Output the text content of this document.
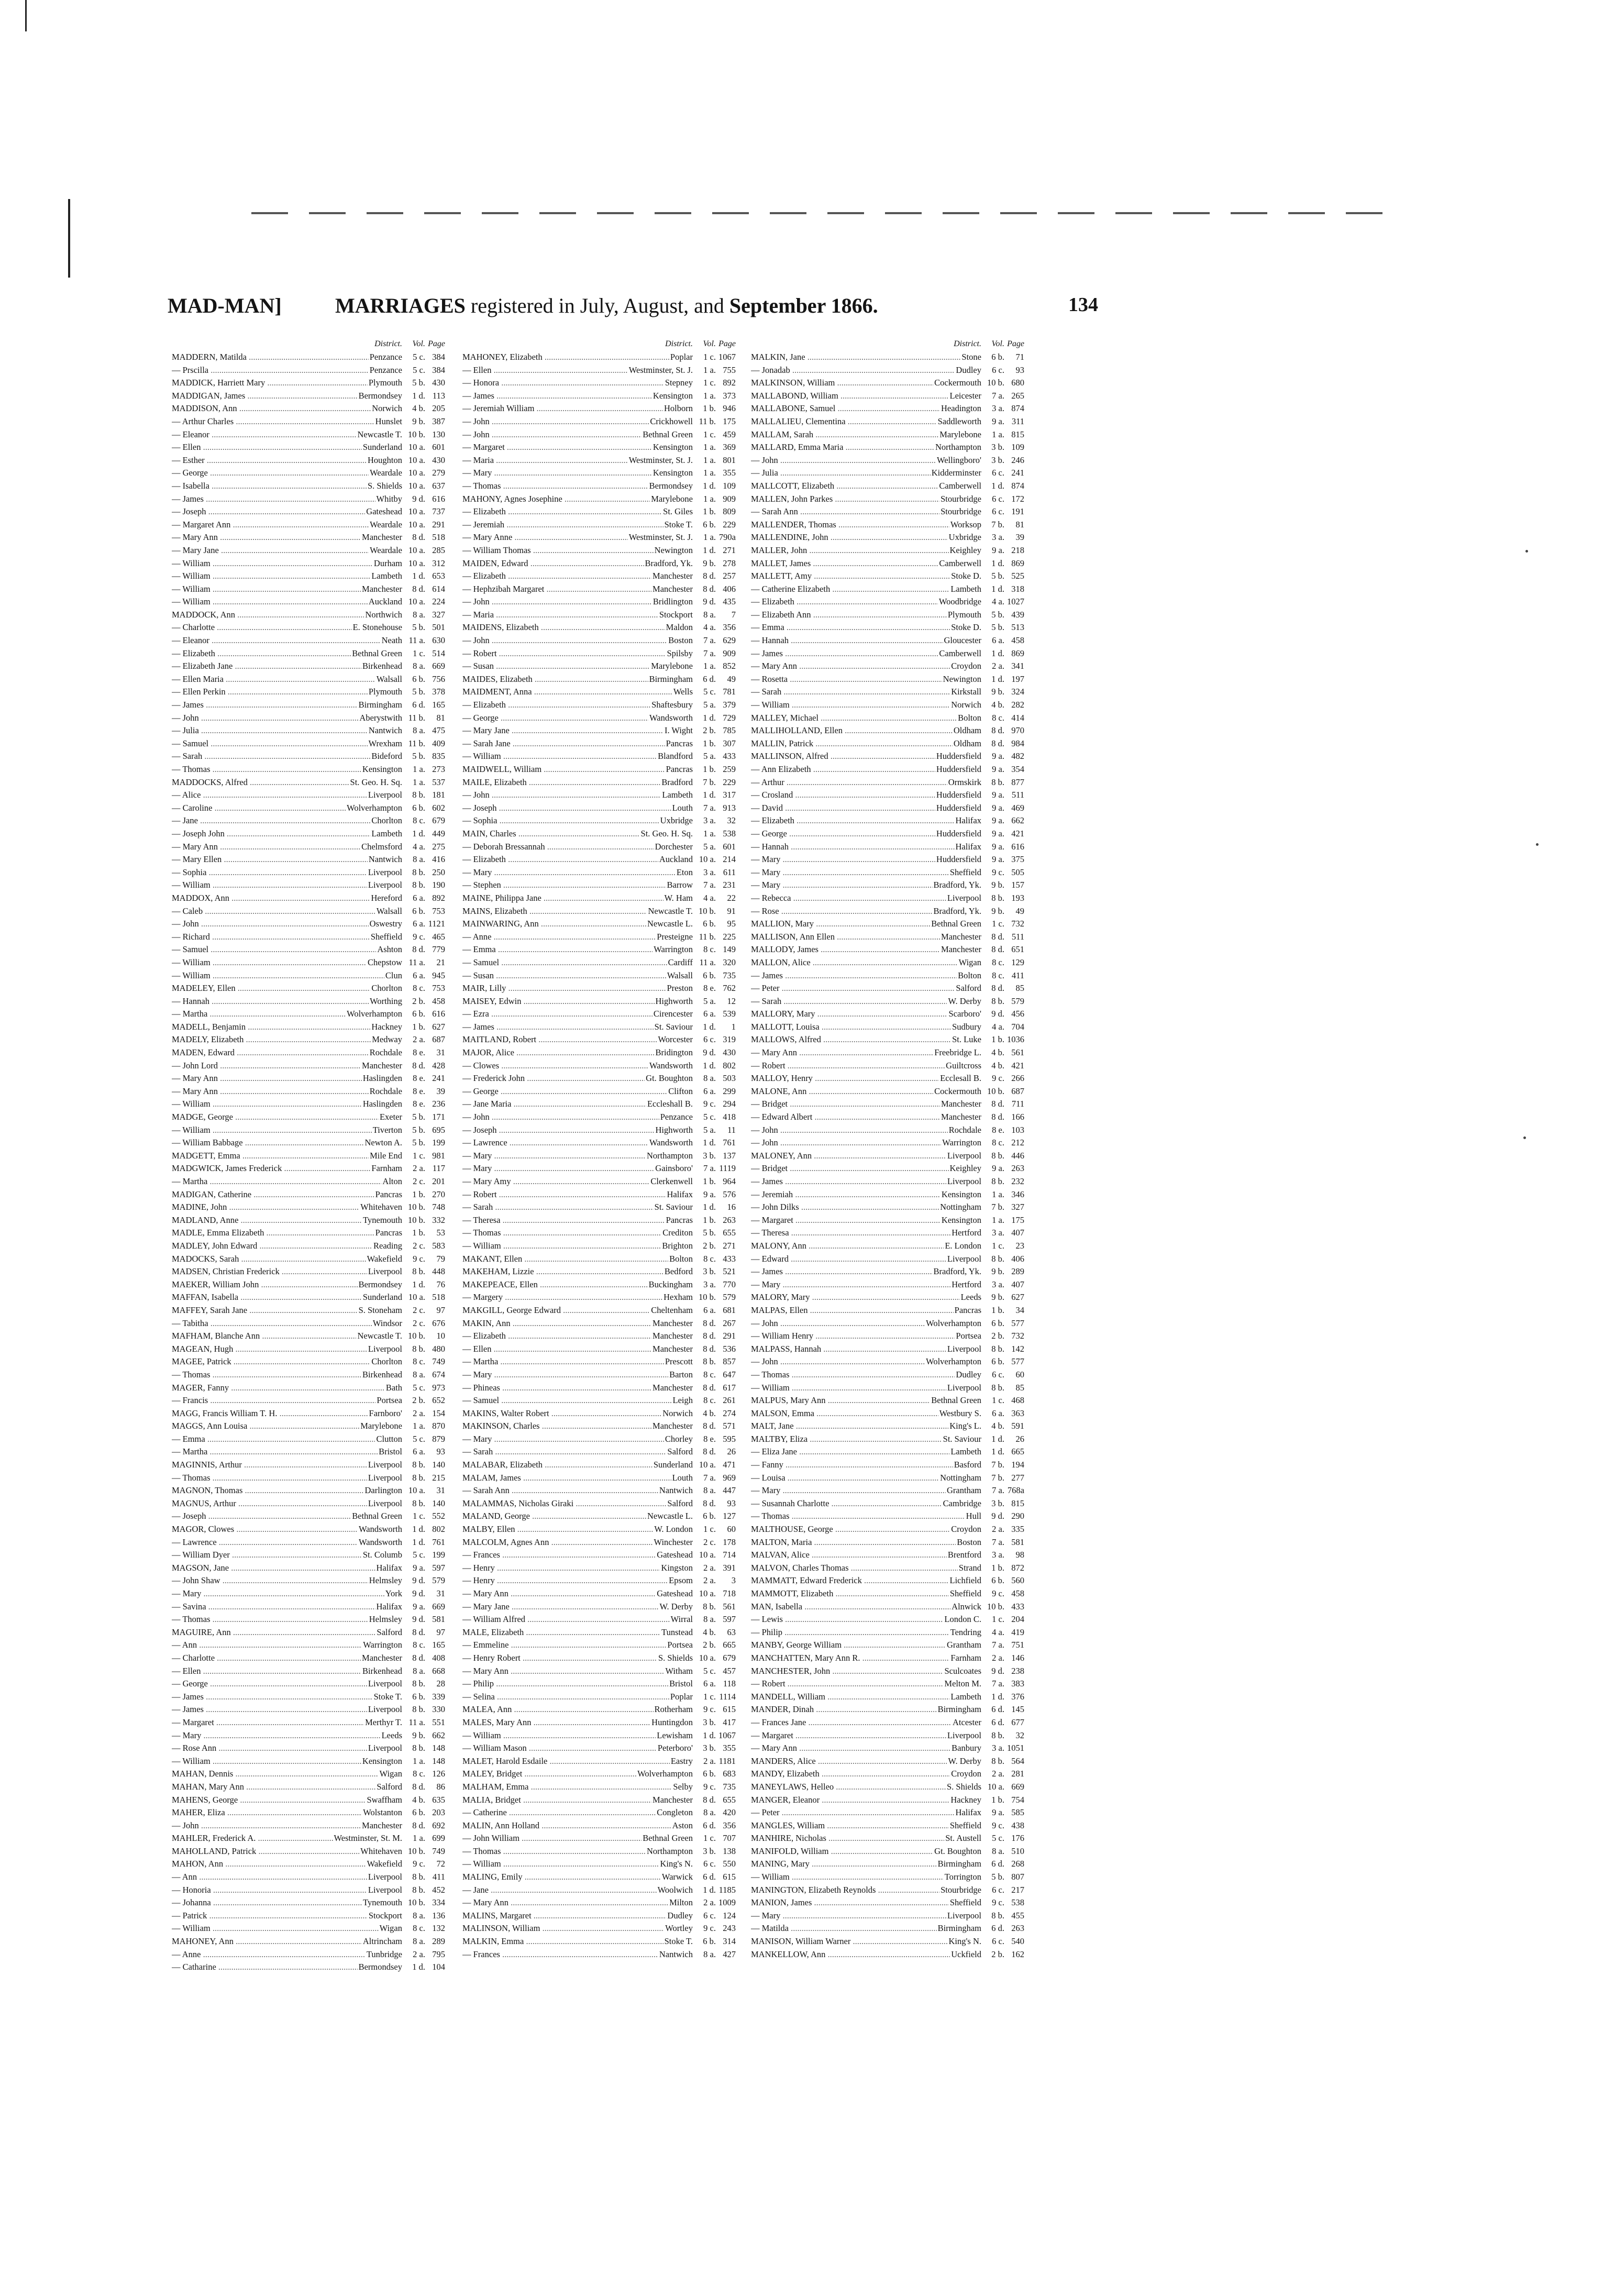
MAD-MAN]	MARRIAGES registered in July, August, and September 1866.	134
District.	Vol. Page
MADDERN, Matilda .....	Penzance	5 c. 384
— Prscilla .....	Penzance	5 c. 384
MADDICK, Harriett Mary .....	Plymouth	5 b. 430
MADDIGAN, James .....	Bermondsey	1 d. 113
MADDISON, Ann .....	Norwich	4 b. 205
— Arthur Charles .....	Hunslet	9 b. 387
— Eleanor .....	Newcastle T. 10 b. 130
— Ellen .....	Sunderland 10 a. 601
— Esther .....	Houghton 10 a. 430
— George .....	Weardale 10 a. 279
— Isabella .....	S. Shields 10 a. 637
— James .....	Whitby	9 d. 616
— Joseph .....	Gateshead 10 a. 737
— Margaret Ann .....	Weardale 10 a. 291
— Mary Ann .....	Manchester	8 d. 518
— Mary Jane .....	Weardale 10 a. 285
— William .....	Durham 10 a. 312
— William .....	Lambeth	1 d. 653
— William .....	Manchester	8 d. 614
— William .....	Auckland 10 a. 224
MADDOCK, Ann .....	Northwich	8 a. 327
— Charlotte .....	E. Stonehouse	5 b. 501
— Eleanor .....	Neath 11 a. 630
— Elizabeth .....	Bethnal Green	1 c. 514
— Elizabeth Jane .....	Birkenhead	8 a. 669
— Ellen Maria .....	Walsall	6 b. 756
— Ellen Perkin .....	Plymouth	5 b. 378
— James .....	Birmingham	6 d. 165
— John .....	Aberystwith 11 b.	81
— Julia .....	Nantwich	8 a. 475
— Samuel .....	Wrexham 11 b. 409
— Sarah .....	Bideford	5 b. 835
— Thomas .....	Kensington	1 a. 273
MADDOCKS, Alfred .....	St. Geo. H. Sq.	1 a. 537
— Alice .....	Liverpool	8 b. 181
— Caroline .....	Wolverhampton	6 b. 602
— Jane .....	Chorlton	8 c. 679
— Joseph John .....	Lambeth	1 d. 449
— Mary Ann .....	Chelmsford	4 a. 275
— Mary Ellen .....	Nantwich	8 a. 416
— Sophia .....	Liverpool	8 b. 250
— William .....	Liverpool	8 b. 190
MADDOX, Ann .....	Hereford	6 a. 892
— Caleb .....	Walsall	6 b. 753
— John .....	Oswestry	6 a. 1121
— Richard .....	Sheffield	9 c. 465
— Samuel .....	Ashton	8 d. 779
— William .....	Chepstow 11 a.	21
— William .....	Clun	6 a. 945
MADELEY, Ellen .....	Chorlton	8 c. 753
— Hannah .....	Worthing	2 b. 458
— Martha .....	Wolverhampton	6 b. 616
MADELL, Benjamin .....	Hackney	1 b. 627
MADELY, Elizabeth .....	Medway	2 a. 687
MADEN, Edward .....	Rochdale	8 e.	31
— John Lord .....	Manchester	8 d. 428
— Mary Ann .....	Haslingden	8 e. 241
— Mary Ann .....	Rochdale	8 e.	39
— William .....	Haslingden	8 e. 236
MADGE, George .....	Exeter	5 b. 171
— William .....	Tiverton	5 b. 695
— William Babbage .....	Newton A.	5 b. 199
MADGETT, Emma .....	Mile End	1 c. 981
MADGWICK, James Frederick .....	Farnham	2 a. 117
— Martha .....	Alton	2 c. 201
MADIGAN, Catherine .....	Pancras	1 b. 270
MADINE, John .....	Whitehaven 10 b. 748
MADLAND, Anne .....	Tynemouth 10 b. 332
MADLE, Emma Elizabeth .....	Pancras	1 b.	53
MADLEY, John Edward .....	Reading	2 c. 583
MADOCKS, Sarah .....	Wakefield	9 c.	79
MADSEN, Christian Frederick .....	Liverpool	8 b. 448
MAEKER, William John .....	Bermondsey	1 d.	76
MAFFAN, Isabella .....	Sunderland 10 a. 518
MAFFEY, Sarah Jane .....	S. Stoneham	2 c.	97
— Tabitha .....	Windsor	2 c. 676
MAFHAM, Blanche Ann .....	Newcastle T. 10 b.	10
MAGEAN, Hugh .....	Liverpool	8 b. 480
MAGEE, Patrick .....	Chorlton	8 c. 749
— Thomas .....	Birkenhead	8 a. 674
MAGER, Fanny .....	Bath	5 c. 973
— Francis .....	Portsea	2 b. 652
MAGG, Francis William T. H. .....	Farnboro'	2 a. 154
MAGGS, Ann Louisa .....	Marylebone	1 a. 870
— Emma .....	Clutton	5 c. 879
— Martha .....	Bristol	6 a.	93
MAGINNIS, Arthur .....	Liverpool	8 b. 140
— Thomas .....	Liverpool	8 b. 215
MAGNON, Thomas .....	Darlington 10 a.	31
MAGNUS, Arthur .....	Liverpool	8 b. 140
— Joseph .....	Bethnal Green	1 c. 552
MAGOR, Clowes .....	Wandsworth	1 d. 802
— Lawrence .....	Wandsworth	1 d. 761
— William Dyer .....	St. Columb	5 c. 199
MAGSON, Jane .....	Halifax	9 a. 597
— John Shaw .....	Helmsley	9 d. 579
— Mary .....	York	9 d.	31
— Savina .....	Halifax	9 a. 669
— Thomas .....	Helmsley	9 d. 581
MAGUIRE, Ann .....	Salford	8 d.	97
— Ann .....	Warrington	8 c. 165
— Charlotte .....	Manchester	8 d. 408
— Ellen .....	Birkenhead	8 a. 668
— George .....	Liverpool	8 b.	28
— James .....	Stoke T.	6 b. 339
— James .....	Liverpool	8 b. 330
— Margaret .....	Merthyr T. 11 a. 551
— Mary .....	Leeds	9 b. 662
— Rose Ann .....	Liverpool	8 b. 148
— William .....	Kensington	1 a. 148
MAHAN, Dennis .....	Wigan	8 c. 126
MAHAN, Mary Ann .....	Salford	8 d.	86
MAHENS, George .....	Swaffham	4 b. 635
MAHER, Eliza .....	Wolstanton	6 b. 203
— John .....	Manchester	8 d. 692
MAHLER, Frederick A. .....	Westminster, St. M.	1 a. 699
MAHOLLAND, Patrick .....	Whitehaven 10 b. 749
MAHON, Ann .....	Wakefield	9 c.	72
— Ann .....	Liverpool	8 b. 411
— Honoria .....	Liverpool	8 b. 452
— Johanna .....	Tynemouth 10 b. 334
— Patrick .....	Stockport	8 a. 136
— William .....	Wigan	8 c. 132
MAHONEY, Ann .....	Altrincham	8 a. 289
— Anne .....	Tunbridge	2 a. 795
— Catharine .....	Bermondsey	1 d. 104
District.	Vol. Page
MAHONEY, Elizabeth .....	Poplar	1 c. 1067
— Ellen .....	Westminster, St. J.	1 a. 755
— Honora .....	Stepney	1 c. 892
— James .....	Kensington	1 a. 373
— Jeremiah William .....	Holborn	1 b. 946
— John .....	Crickhowell 11 b. 175
— John .....	Bethnal Green	1 c. 459
— Margaret .....	Kensington	1 a. 369
— Maria .....	Westminster, St. J.	1 a. 801
— Mary .....	Kensington	1 a. 355
— Thomas .....	Bermondsey	1 d. 109
MAHONY, Agnes Josephine .....	Marylebone	1 a. 909
— Elizabeth .....	St. Giles	1 b. 809
— Jeremiah .....	Stoke T.	6 b. 229
— Mary Anne .....	Westminster, St. J.	1 a. 790a
— William Thomas .....	Newington	1 d. 271
MAIDEN, Edward .....	Bradford, Yk.	9 b. 278
— Elizabeth .....	Manchester	8 d. 257
— Hephzibah Margaret .....	Manchester	8 d. 406
— John .....	Bridlington	9 d. 435
— Maria .....	Stockport	8 a.	7
MAIDENS, Elizabeth .....	Maldon	4 a. 356
— John .....	Boston	7 a. 629
— Robert .....	Spilsby	7 a. 909
— Susan .....	Marylebone	1 a. 852
MAIDES, Elizabeth .....	Birmingham	6 d.	49
MAIDMENT, Anna .....	Wells	5 c. 781
— Elizabeth .....	Shaftesbury	5 a. 379
— George .....	Wandsworth	1 d. 729
— Mary Jane .....	I. Wight	2 b. 785
— Sarah Jane .....	Pancras	1 b. 307
— William .....	Blandford	5 a. 433
MAIDWELL, William .....	Pancras	1 b. 259
MAILE, Elizabeth .....	Bradford	7 b. 229
— John .....	Lambeth	1 d. 317
— Joseph .....	Louth	7 a. 913
— Sophia .....	Uxbridge	3 a.	32
MAIN, Charles .....	St. Geo. H. Sq.	1 a. 538
— Deborah Bressannah .....	Dorchester	5 a. 601
— Elizabeth .....	Auckland 10 a. 214
— Mary .....	Eton	3 a. 611
— Stephen .....	Barrow	7 a. 231
MAINE, Philippa Jane .....	W. Ham	4 a.	22
MAINS, Elizabeth .....	Newcastle T. 10 b.	91
MAINWARING, Ann .....	Newcastle L.	6 b.	95
— Anne .....	Presteigne 11 b. 225
— Emma .....	Warrington	8 c. 149
— Samuel .....	Cardiff 11 a. 320
— Susan .....	Walsall	6 b. 735
MAIR, Lilly .....	Preston	8 e. 762
MAISEY, Edwin .....	Highworth	5 a.	12
— Ezra .....	Cirencester	6 a. 539
— James .....	St. Saviour	1 d.	1
MAITLAND, Robert .....	Worcester	6 c. 319
MAJOR, Alice .....	Bridington	9 d. 430
— Clowes .....	Wandsworth	1 d. 802
— Frederick John .....	Gt. Boughton	8 a. 503
— George .....	Clifton	6 a. 299
— Jane Maria .....	Eccleshall B.	9 c. 294
— John .....	Penzance	5 c. 418
— Joseph .....	Highworth	5 a.	11
— Lawrence .....	Wandsworth	1 d. 761
— Mary .....	Northampton	3 b. 137
— Mary .....	Gainsboro'	7 a. 1119
— Mary Amy .....	Clerkenwell	1 b. 964
— Robert .....	Halifax	9 a. 576
— Sarah .....	St. Saviour	1 d.	16
— Theresa .....	Pancras	1 b. 263
— Thomas .....	Crediton	5 b. 655
— William .....	Brighton	2 b. 271
MAKANT, Ellen .....	Bolton	8 c. 433
MAKEHAM, Lizzie .....	Bedford	3 b. 521
MAKEPEACE, Ellen .....	Buckingham	3 a. 770
— Margery .....	Hexham 10 b. 579
MAKGILL, George Edward .....	Cheltenham	6 a. 681
MAKIN, Ann .....	Manchester	8 d. 267
— Elizabeth .....	Manchester	8 d. 291
— Ellen .....	Manchester	8 d. 536
— Martha .....	Prescott	8 b. 857
— Mary .....	Barton	8 c. 647
— Phineas .....	Manchester	8 d. 617
— Samuel .....	Leigh	8 c. 261
MAKINS, Walter Robert .....	Norwich	4 b. 274
MAKINSON, Charles .....	Manchester	8 d. 571
— Mary .....	Chorley	8 e. 595
— Sarah .....	Salford	8 d.	26
MALABAR, Elizabeth .....	Sunderland 10 a. 471
MALAM, James .....	Louth	7 a. 969
— Sarah Ann .....	Nantwich	8 a. 447
MALAMMAS, Nicholas Giraki .....	Salford	8 d.	93
MALAND, George .....	Newcastle L.	6 b. 127
MALBY, Ellen .....	W. London	1 c.	60
MALCOLM, Agnes Ann .....	Winchester	2 c. 178
— Frances .....	Gateshead 10 a. 714
— Henry .....	Kingston	2 a. 391
— Henry .....	Epsom	2 a.	3
— Mary Ann .....	Gateshead 10 a. 718
— Mary Jane .....	W. Derby	8 b. 561
— William Alfred .....	Wirral	8 a. 597
MALE, Elizabeth .....	Tunstead	4 b.	63
— Emmeline .....	Portsea	2 b. 665
— Henry Robert .....	S. Shields 10 a. 679
— Mary Ann .....	Witham	5 c. 457
— Philip .....	Bristol	6 a. 118
— Selina .....	Poplar	1 c. 1114
MALEA, Ann .....	Rotherham	9 c. 615
MALES, Mary Ann .....	Huntingdon	3 b. 417
— William .....	Lewisham	1 d. 1067
— William Mason .....	Peterboro'	3 b. 355
MALET, Harold Esdaile .....	Eastry	2 a. 1181
MALEY, Bridget .....	Wolverhampton	6 b. 683
MALHAM, Emma .....	Selby	9 c. 735
MALIA, Bridget .....	Manchester	8 d. 655
— Catherine .....	Congleton	8 a. 420
MALIN, Ann Holland .....	Aston	6 d. 356
— John William .....	Bethnal Green	1 c. 707
— Thomas .....	Northampton	3 b. 138
— William .....	King's N.	6 c. 550
MALING, Emily .....	Warwick	6 d. 615
— Jane .....	Woolwich	1 d. 1185
— Mary Ann .....	Milton	2 a. 1009
MALINS, Margaret .....	Dudley	6 c. 124
MALINSON, William .....	Wortley	9 c. 243
MALKIN, Emma .....	Stoke T.	6 b. 314
— Frances .....	Nantwich	8 a. 427
District.	Vol. Page
MALKIN, Jane .....	Stone	6 b.	71
— Jonadab .....	Dudley	6 c.	93
MALKINSON, William .....	Cockermouth 10 b. 680
MALLABOND, William .....	Leicester	7 a. 265
MALLABONE, Samuel .....	Headington	3 a. 874
MALLALIEU, Clementina .....	Saddleworth	9 a. 311
MALLAM, Sarah .....	Marylebone	1 a. 815
MALLARD, Emma Maria .....	Northampton	3 b. 109
— John .....	Wellingboro'	3 b. 246
— Julia .....	Kidderminster	6 c. 241
MALLCOTT, Elizabeth .....	Camberwell	1 d. 874
MALLEN, John Parkes .....	Stourbridge	6 c. 172
— Sarah Ann .....	Stourbridge	6 c. 191
MALLENDER, Thomas .....	Worksop	7 b.	81
MALLENDINE, John .....	Uxbridge	3 a.	39
MALLER, John .....	Keighley	9 a. 218
MALLET, James .....	Camberwell	1 d. 869
MALLETT, Amy .....	Stoke D.	5 b. 525
— Catherine Elizabeth .....	Lambeth	1 d. 318
— Elizabeth .....	Woodbridge	4 a. 1027
— Elizabeth Ann .....	Plymouth	5 b. 439
— Emma .....	Stoke D.	5 b. 513
— Hannah .....	Gloucester	6 a. 458
— James .....	Camberwell	1 d. 869
— Mary Ann .....	Croydon	2 a. 341
— Rosetta .....	Newington	1 d. 197
— Sarah .....	Kirkstall	9 b. 324
— William .....	Norwich	4 b. 282
MALLEY, Michael .....	Bolton	8 c. 414
MALLIHOLLAND, Ellen .....	Oldham	8 d. 970
MALLIN, Patrick .....	Oldham	8 d. 984
MALLINSON, Alfred .....	Huddersfield	9 a. 482
— Ann Elizabeth .....	Huddersfield	9 a. 354
— Arthur .....	Ormskirk	8 b. 877
— Crosland .....	Huddersfield	9 a. 511
— David .....	Huddersfield	9 a. 469
— Elizabeth .....	Halifax	9 a. 662
— George .....	Huddersfield	9 a. 421
— Hannah .....	Halifax	9 a. 616
— Mary .....	Huddersfield	9 a. 375
— Mary .....	Sheffield	9 c. 505
— Mary .....	Bradford, Yk.	9 b. 157
— Rebecca .....	Liverpool	8 b. 193
— Rose .....	Bradford, Yk.	9 b.	49
MALLION, Mary .....	Bethnal Green	1 c. 732
MALLISON, Ann Ellen .....	Manchester	8 d. 511
MALLODY, James .....	Manchester	8 d. 651
MALLON, Alice .....	Wigan	8 c. 129
— James .....	Bolton	8 c. 411
— Peter .....	Salford	8 d.	85
— Sarah .....	W. Derby	8 b. 579
MALLORY, Mary .....	Scarboro'	9 d. 456
MALLOTT, Louisa .....	Sudbury	4 a. 704
MALLOWS, Alfred .....	St. Luke	1 b. 1036
— Mary Ann .....	Freebridge L.	4 b. 561
— Robert .....	Guiltcross	4 b. 421
MALLOY, Henry .....	Ecclesall B.	9 c. 266
MALONE, Ann .....	Cockermouth 10 b. 687
— Bridget .....	Manchester	8 d. 711
— Edward Albert .....	Manchester	8 d. 166
— John .....	Rochdale	8 e. 103
— John .....	Warrington	8 c. 212
MALONEY, Ann .....	Liverpool	8 b. 446
— Bridget .....	Keighley	9 a. 263
— James .....	Liverpool	8 b. 232
— Jeremiah .....	Kensington	1 a. 346
— John Dilks .....	Nottingham	7 b. 327
— Margaret .....	Kensington	1 a. 175
— Theresa .....	Hertford	3 a. 407
MALONY, Ann .....	E. London	1 c.	23
— Edward .....	Liverpool	8 b. 406
— James .....	Bradford, Yk.	9 b. 289
— Mary .....	Hertford	3 a. 407
MALORY, Mary .....	Leeds	9 b. 627
MALPAS, Ellen .....	Pancras	1 b.	34
— John .....	Wolverhampton	6 b. 577
— William Henry .....	Portsea	2 b. 732
MALPASS, Hannah .....	Liverpool	8 b. 142
— John .....	Wolverhampton	6 b. 577
— Thomas .....	Dudley	6 c.	60
— William .....	Liverpool	8 b.	85
MALPUS, Mary Ann .....	Bethnal Green	1 c. 468
MALSON, Emma .....	Westbury S.	6 a. 363
MALT, Jane .....	King's L.	4 b. 591
MALTBY, Eliza .....	St. Saviour	1 d.	26
— Eliza Jane .....	Lambeth	1 d. 665
— Fanny .....	Basford	7 b. 194
— Louisa .....	Nottingham	7 b. 277
— Mary .....	Grantham	7 a. 768a
— Susannah Charlotte .....	Cambridge	3 b. 815
— Thomas .....	Hull	9 d. 290
MALTHOUSE, George .....	Croydon	2 a. 335
MALTON, Maria .....	Boston	7 a. 581
MALVAN, Alice .....	Brentford	3 a.	98
MALVON, Charles Thomas .....	Strand	1 b. 872
MAMMATT, Edward Frederick .....	Lichfield	6 b. 560
MAMMOTT, Elizabeth .....	Sheffield	9 c. 458
MAN, Isabella .....	Alnwick 10 b. 433
— Lewis .....	London C.	1 c. 204
— Philip .....	Tendring	4 a. 419
MANBY, George William .....	Grantham	7 a. 751
MANCHATTEN, Mary Ann R. .....	Farnham	2 a. 146
MANCHESTER, John .....	Sculcoates	9 d. 238
— Robert .....	Melton M.	7 a. 383
MANDELL, William .....	Lambeth	1 d. 376
MANDER, Dinah .....	Birmingham	6 d. 145
— Frances Jane .....	Atcester	6 d. 677
— Margaret .....	Liverpool	8 b.	32
— Mary Ann .....	Banbury	3 a. 1051
MANDERS, Alice .....	W. Derby	8 b. 564
MANDY, Elizabeth .....	Croydon	2 a. 281
MANEYLAWS, Helleo .....	S. Shields 10 a. 669
MANGER, Eleanor .....	Hackney	1 b. 754
— Peter .....	Halifax	9 a. 585
MANGLES, William .....	Sheffield	9 c. 438
MANHIRE, Nicholas .....	St. Austell	5 c. 176
MANIFOLD, William .....	Gt. Boughton	8 a. 510
MANING, Mary .....	Birmingham	6 d. 268
— William .....	Torrington	5 b. 807
MANINGTON, Elizabeth Reynolds .....	Stourbridge	6 c. 217
MANION, James .....	Sheffield	9 c. 538
— Mary .....	Liverpool	8 b. 455
— Matilda .....	Birmingham	6 d. 263
MANISON, William Warner .....	King's N.	6 c. 540
MANKELLOW, Ann .....	Uckfield	2 b. 162
